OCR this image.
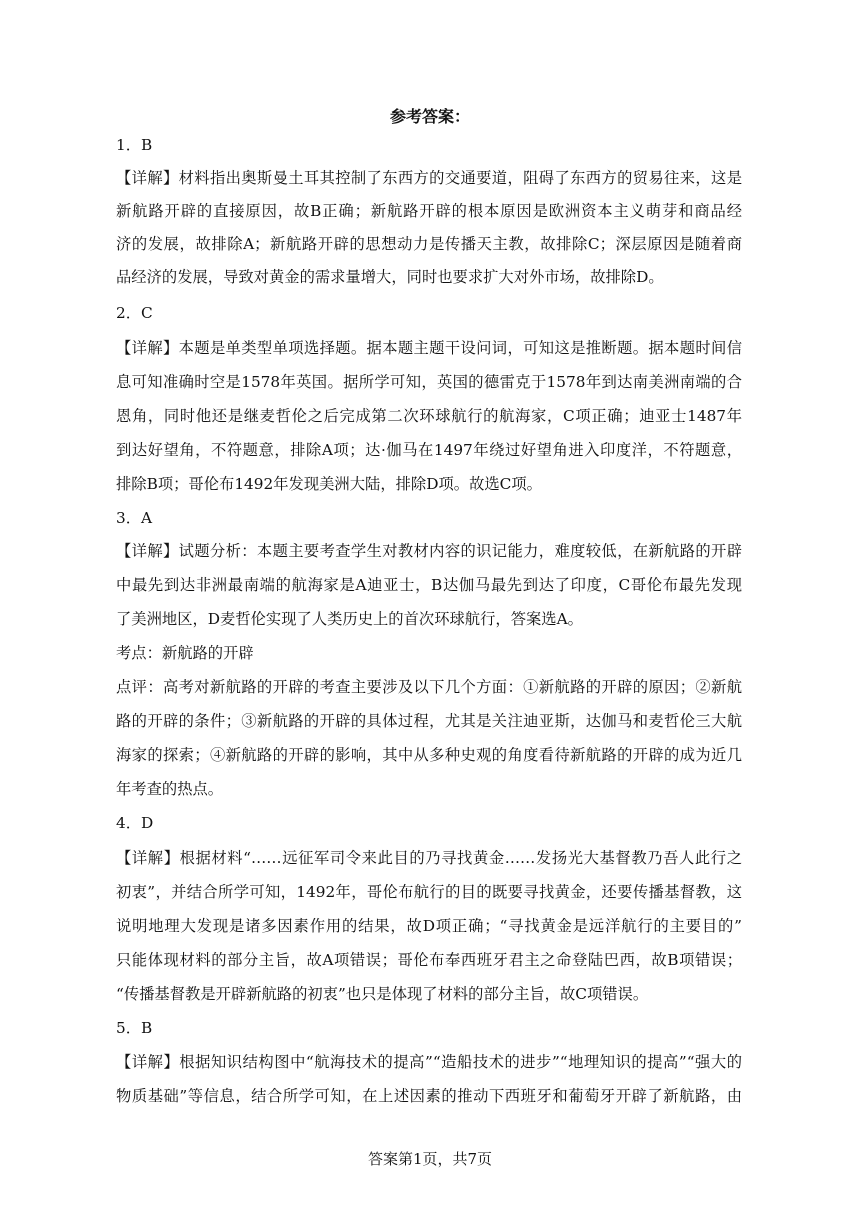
参考答案：
1．B
【详解】材料指出奥斯曼土耳其控制了东西方的交通要道，阻碍了东西方的贸易往来，这是
新航路开辟的直接原因，故B正确；新航路开辟的根本原因是欧洲资本主义萌芽和商品经
济的发展，故排除A；新航路开辟的思想动力是传播天主教，故排除C；深层原因是随着商
品经济的发展，导致对黄金的需求量增大，同时也要求扩大对外市场，故排除D。
2．C
【详解】本题是单类型单项选择题。据本题主题干设问词，可知这是推断题。据本题时间信
息可知准确时空是1578年英国。据所学可知，英国的德雷克于1578年到达南美洲南端的合
恩角，同时他还是继麦哲伦之后完成第二次环球航行的航海家，C项正确；迪亚士1487年
到达好望角，不符题意，排除A项；达·伽马在1497年绕过好望角进入印度洋，不符题意，
排除B项；哥伦布1492年发现美洲大陆，排除D项。故选C项。
3．A
【详解】试题分析：本题主要考查学生对教材内容的识记能力，难度较低，在新航路的开辟
中最先到达非洲最南端的航海家是A迪亚士，B达伽马最先到达了印度，C哥伦布最先发现
了美洲地区，D麦哲伦实现了人类历史上的首次环球航行，答案选A。
考点：新航路的开辟
点评：高考对新航路的开辟的考查主要涉及以下几个方面：①新航路的开辟的原因；②新航
路的开辟的条件；③新航路的开辟的具体过程，尤其是关注迪亚斯，达伽马和麦哲伦三大航
海家的探索；④新航路的开辟的影响，其中从多种史观的角度看待新航路的开辟的成为近几
年考查的热点。
4．D
【详解】根据材料“……远征军司令来此目的乃寻找黄金……发扬光大基督教乃吾人此行之
初衷”，并结合所学可知，1492年，哥伦布航行的目的既要寻找黄金，还要传播基督教，这
说明地理大发现是诸多因素作用的结果，故D项正确；“寻找黄金是远洋航行的主要目的”
只能体现材料的部分主旨，故A项错误；哥伦布奉西班牙君主之命登陆巴西，故B项错误；
“传播基督教是开辟新航路的初衷”也只是体现了材料的部分主旨，故C项错误。
5．B
【详解】根据知识结构图中“航海技术的提高”“造船技术的进步”“地理知识的提高”“强大的
物质基础”等信息，结合所学可知，在上述因素的推动下西班牙和葡萄牙开辟了新航路，由
答案第1页，共7页
